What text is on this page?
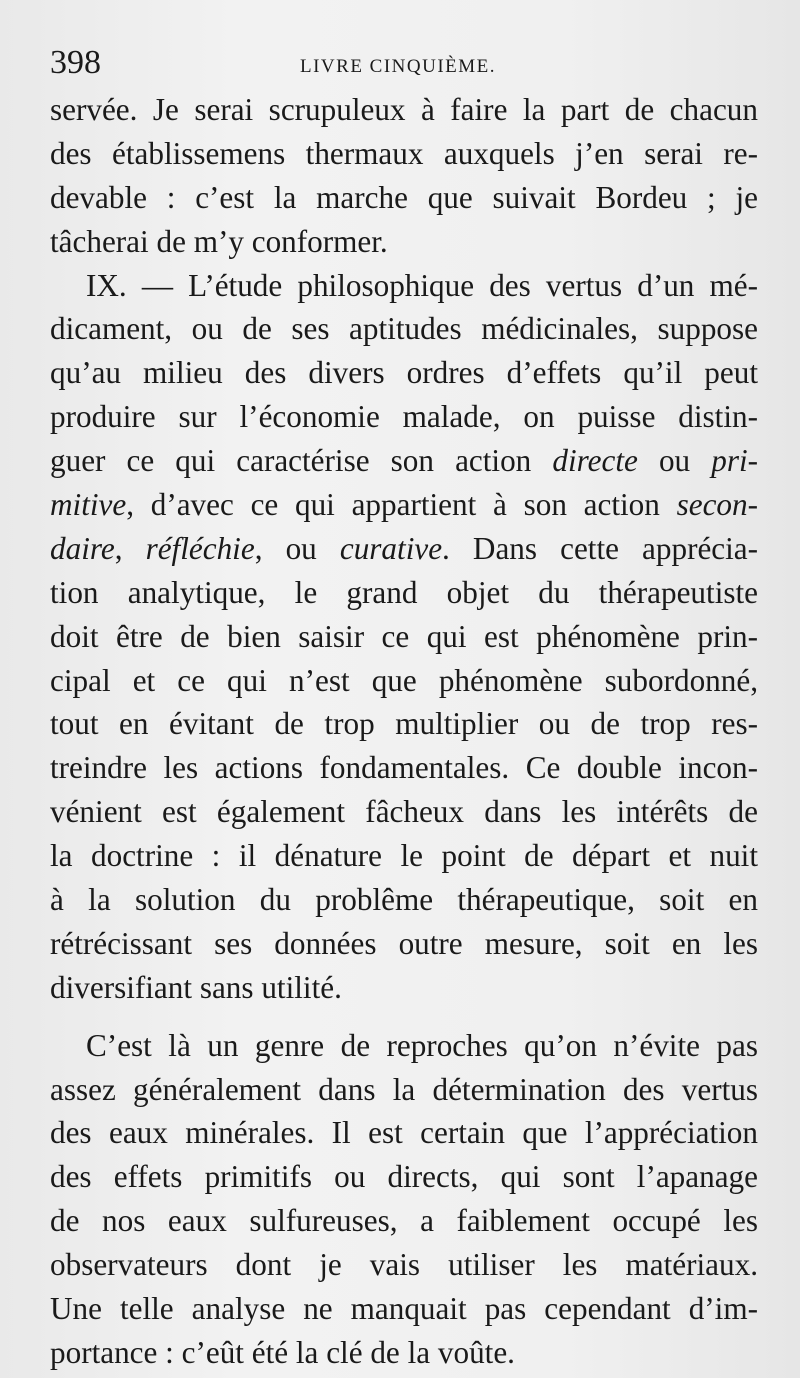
398	LIVRE CINQUIÈME.
servée. Je serai scrupuleux à faire la part de chacun
des établissemens thermaux auxquels j’en serai re-
devable : c’est la marche que suivait Bordeu ; je
tâcherai de m’y conformer.
IX. — L’étude philosophique des vertus d’un mé-
dicament, ou de ses aptitudes médicinales, suppose
qu’au milieu des divers ordres d’effets qu’il peut
produire sur l’économie malade, on puisse distin-
guer ce qui caractérise son action directe ou pri-
mitive, d’avec ce qui appartient à son action secon-
daire, réfléchie, ou curative. Dans cette apprécia-
tion analytique, le grand objet du thérapeutiste
doit être de bien saisir ce qui est phénomène prin-
cipal et ce qui n’est que phénomène subordonné,
tout en évitant de trop multiplier ou de trop res-
treindre les actions fondamentales. Ce double incon-
vénient est également fâcheux dans les intérêts de
la doctrine : il dénature le point de départ et nuit
à la solution du problême thérapeutique, soit en
rétrécissant ses données outre mesure, soit en les
diversifiant sans utilité.
C’est là un genre de reproches qu’on n’évite pas
assez généralement dans la détermination des vertus
des eaux minérales. Il est certain que l’appréciation
des effets primitifs ou directs, qui sont l’apanage
de nos eaux sulfureuses, a faiblement occupé les
observateurs dont je vais utiliser les matériaux.
Une telle analyse ne manquait pas cependant d’im-
portance : c’eût été la clé de la voûte.
